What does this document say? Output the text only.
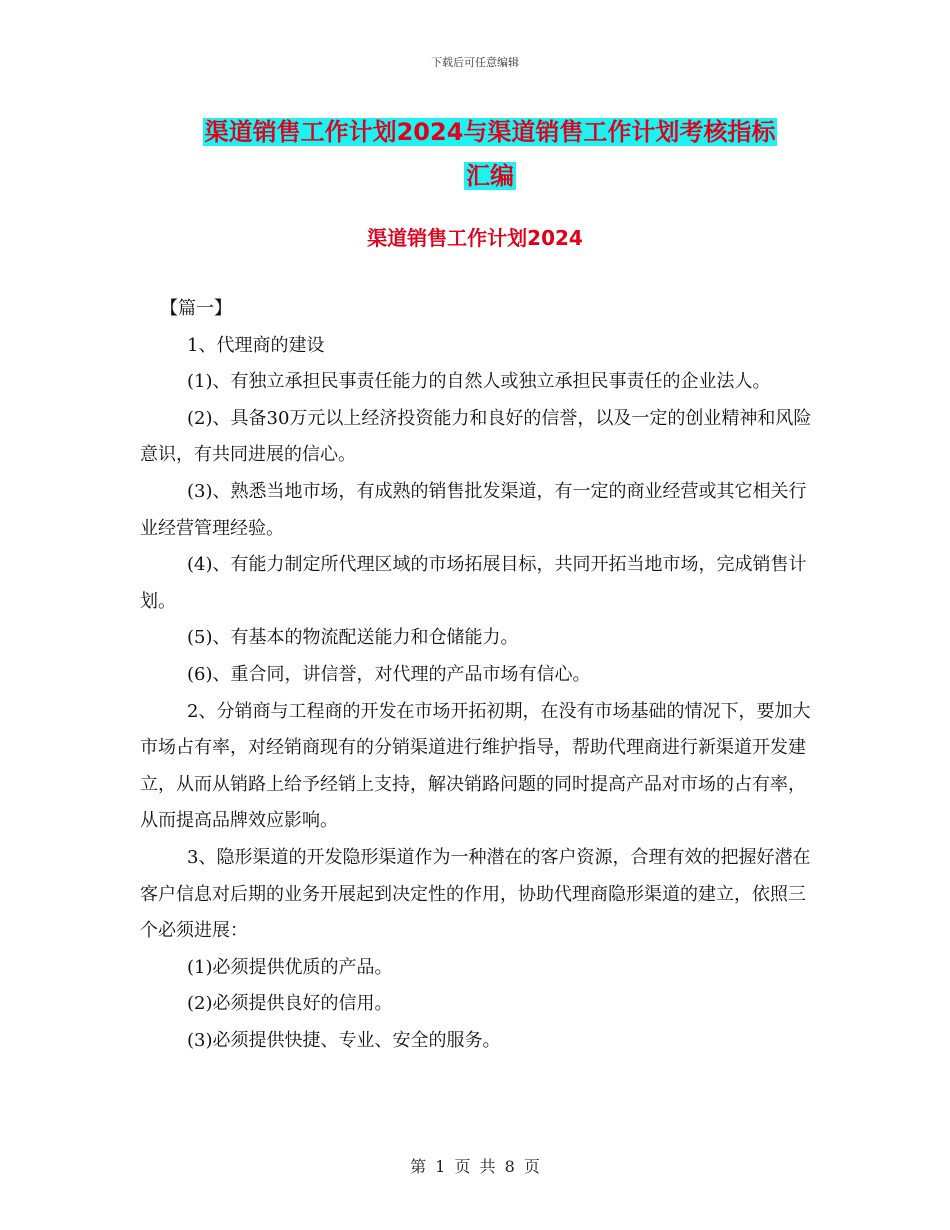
下载后可任意编辑
渠道销售工作计划2024与渠道销售工作计划考核指标
汇编
渠道销售工作计划2024

【篇一】

1、代理商的建设

(1)、有独立承担民事责任能力的自然人或独立承担民事责任的企业法人。

(2)、具备30万元以上经济投资能力和良好的信誉，以及一定的创业精神和风险意识，有共同进展的信心。

(3)、熟悉当地市场，有成熟的销售批发渠道，有一定的商业经营或其它相关行业经营管理经验。

(4)、有能力制定所代理区域的市场拓展目标，共同开拓当地市场，完成销售计划。

(5)、有基本的物流配送能力和仓储能力。

(6)、重合同，讲信誉，对代理的产品市场有信心。

2、分销商与工程商的开发在市场开拓初期，在没有市场基础的情况下，要加大市场占有率，对经销商现有的分销渠道进行维护指导，帮助代理商进行新渠道开发建立，从而从销路上给予经销上支持，解决销路问题的同时提高产品对市场的占有率，从而提高品牌效应影响。

3、隐形渠道的开发隐形渠道作为一种潜在的客户资源，合理有效的把握好潜在客户信息对后期的业务开展起到决定性的作用，协助代理商隐形渠道的建立，依照三个必须进展：

(1)必须提供优质的产品。

(2)必须提供良好的信用。

(3)必须提供快捷、专业、安全的服务。

第 1 页 共 8 页
